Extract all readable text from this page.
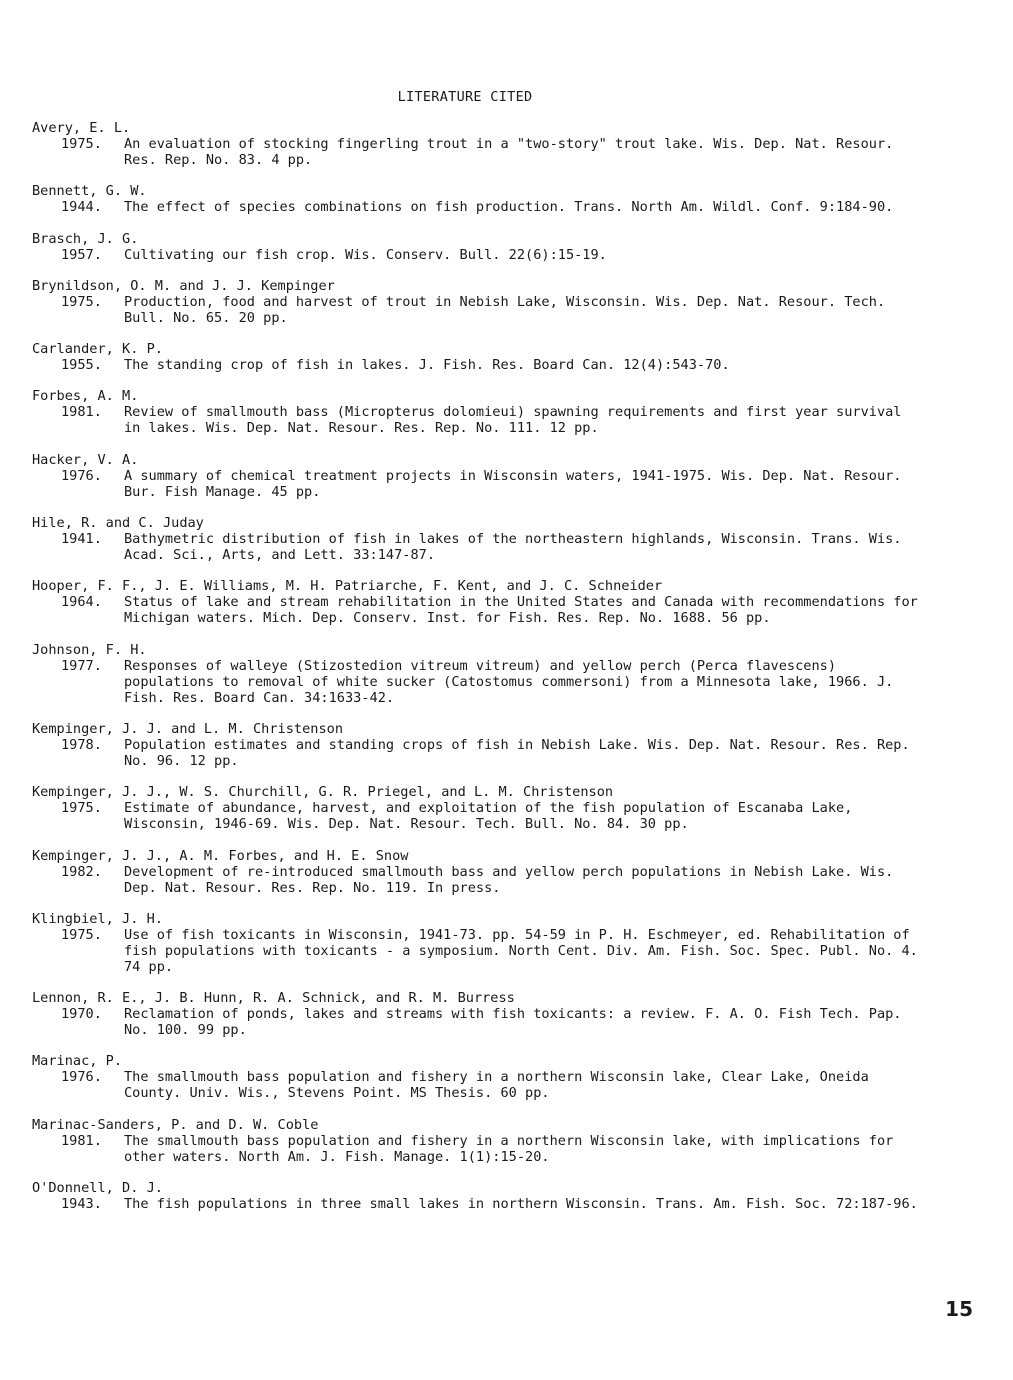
LITERATURE CITED
Avery, E. L.
1975.	An evaluation of stocking fingerling trout in a "two-story" trout lake. Wis. Dep. Nat. Resour. Res. Rep. No. 83. 4 pp.
Bennett, G. W.
1944.	The effect of species combinations on fish production. Trans. North Am. Wildl. Conf. 9:184-90.
Brasch, J. G.
1957.	Cultivating our fish crop. Wis. Conserv. Bull. 22(6):15-19.
Brynildson, O. M. and J. J. Kempinger
1975.	Production, food and harvest of trout in Nebish Lake, Wisconsin. Wis. Dep. Nat. Resour. Tech. Bull. No. 65. 20 pp.
Carlander, K. P.
1955.	The standing crop of fish in lakes. J. Fish. Res. Board Can. 12(4):543-70.
Forbes, A. M.
1981.	Review of smallmouth bass (Micropterus dolomieui) spawning requirements and first year survival in lakes. Wis. Dep. Nat. Resour. Res. Rep. No. 111. 12 pp.
Hacker, V. A.
1976.	A summary of chemical treatment projects in Wisconsin waters, 1941-1975. Wis. Dep. Nat. Resour. Bur. Fish Manage. 45 pp.
Hile, R. and C. Juday
1941.	Bathymetric distribution of fish in lakes of the northeastern highlands, Wisconsin. Trans. Wis. Acad. Sci., Arts, and Lett. 33:147-87.
Hooper, F. F., J. E. Williams, M. H. Patriarche, F. Kent, and J. C. Schneider
1964.	Status of lake and stream rehabilitation in the United States and Canada with recommendations for Michigan waters. Mich. Dep. Conserv. Inst. for Fish. Res. Rep. No. 1688. 56 pp.
Johnson, F. H.
1977.	Responses of walleye (Stizostedion vitreum vitreum) and yellow perch (Perca flavescens) populations to removal of white sucker (Catostomus commersoni) from a Minnesota lake, 1966. J. Fish. Res. Board Can. 34:1633-42.
Kempinger, J. J. and L. M. Christenson
1978.	Population estimates and standing crops of fish in Nebish Lake. Wis. Dep. Nat. Resour. Res. Rep. No. 96. 12 pp.
Kempinger, J. J., W. S. Churchill, G. R. Priegel, and L. M. Christenson
1975.	Estimate of abundance, harvest, and exploitation of the fish population of Escanaba Lake, Wisconsin, 1946-69. Wis. Dep. Nat. Resour. Tech. Bull. No. 84. 30 pp.
Kempinger, J. J., A. M. Forbes, and H. E. Snow
1982.	Development of re-introduced smallmouth bass and yellow perch populations in Nebish Lake. Wis. Dep. Nat. Resour. Res. Rep. No. 119. In press.
Klingbiel, J. H.
1975.	Use of fish toxicants in Wisconsin, 1941-73. pp. 54-59 in P. H. Eschmeyer, ed. Rehabilitation of fish populations with toxicants - a symposium. North Cent. Div. Am. Fish. Soc. Spec. Publ. No. 4. 74 pp.
Lennon, R. E., J. B. Hunn, R. A. Schnick, and R. M. Burress
1970.	Reclamation of ponds, lakes and streams with fish toxicants: a review. F. A. O. Fish Tech. Pap. No. 100. 99 pp.
Marinac, P.
1976.	The smallmouth bass population and fishery in a northern Wisconsin lake, Clear Lake, Oneida County. Univ. Wis., Stevens Point. MS Thesis. 60 pp.
Marinac-Sanders, P. and D. W. Coble
1981.	The smallmouth bass population and fishery in a northern Wisconsin lake, with implications for other waters. North Am. J. Fish. Manage. 1(1):15-20.
O'Donnell, D. J.
1943.	The fish populations in three small lakes in northern Wisconsin. Trans. Am. Fish. Soc. 72:187-96.
15
